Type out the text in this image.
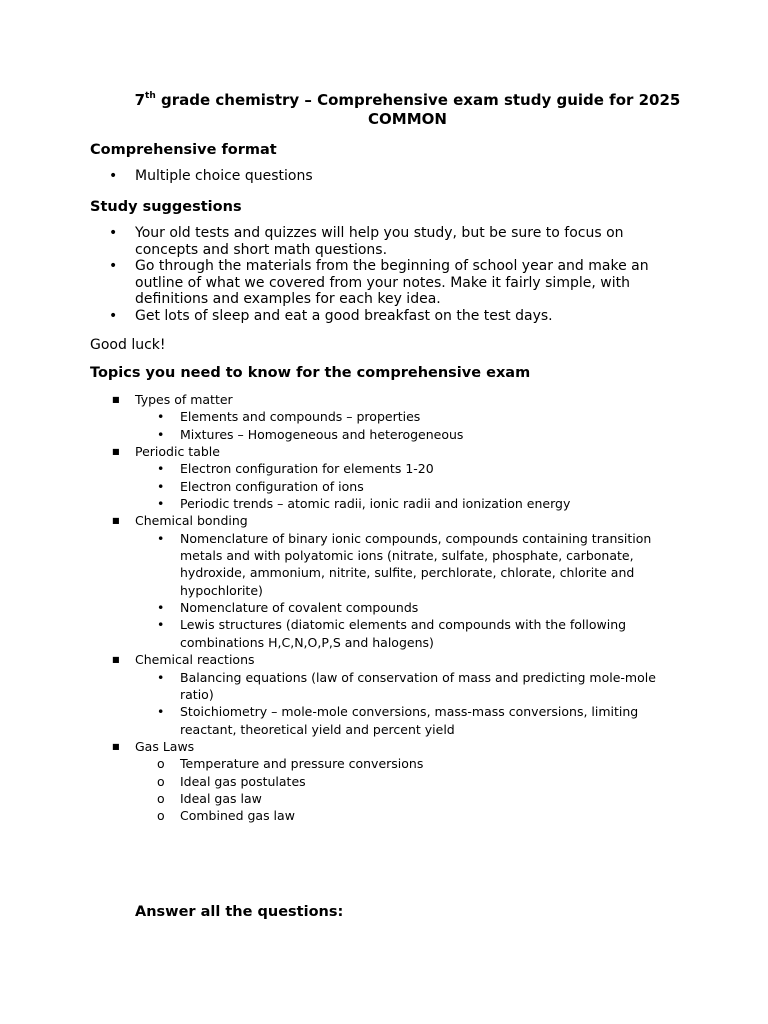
7th grade chemistry – Comprehensive exam study guide for 2025
COMMON
Comprehensive format
• Multiple choice questions
Study suggestions
• Your old tests and quizzes will help you study, but be sure to focus on concepts and short math questions.
• Go through the materials from the beginning of school year and make an outline of what we covered from your notes. Make it fairly simple, with definitions and examples for each key idea.
• Get lots of sleep and eat a good breakfast on the test days.
Good luck!
Topics you need to know for the comprehensive exam
■ Types of matter
• Elements and compounds – properties
• Mixtures – Homogeneous and heterogeneous
■ Periodic table
• Electron configuration for elements 1-20
• Electron configuration of ions
• Periodic trends – atomic radii, ionic radii and ionization energy
■ Chemical bonding
• Nomenclature of binary ionic compounds, compounds containing transition metals and with polyatomic ions (nitrate, sulfate, phosphate, carbonate, hydroxide, ammonium, nitrite, sulfite, perchlorate, chlorate, chlorite and hypochlorite)
• Nomenclature of covalent compounds
• Lewis structures (diatomic elements and compounds with the following combinations H,C,N,O,P,S and halogens)
■ Chemical reactions
• Balancing equations (law of conservation of mass and predicting mole-mole ratio)
• Stoichiometry – mole-mole conversions, mass-mass conversions, limiting reactant, theoretical yield and percent yield
■ Gas Laws
o Temperature and pressure conversions
o Ideal gas postulates
o Ideal gas law
o Combined gas law
Answer all the questions:
